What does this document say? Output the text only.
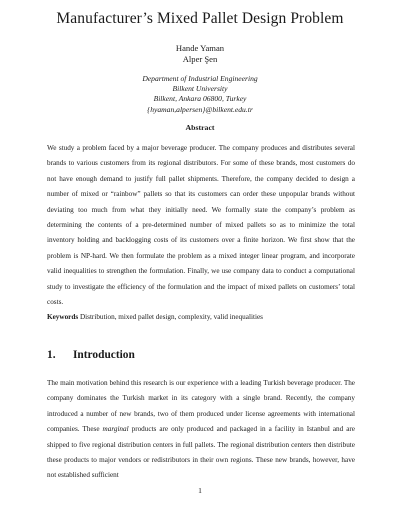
Manufacturer’s Mixed Pallet Design Problem
Hande Yaman
Alper Şen
Department of Industrial Engineering
Bilkent University
Bilkent, Ankara 06800, Turkey
{hyaman,alpersen}@bilkent.edu.tr
Abstract

We study a problem faced by a major beverage producer. The company produces and distributes several brands to various customers from its regional distributors. For some of these brands, most customers do not have enough demand to justify full pallet shipments. Therefore, the company decided to design a number of mixed or “rainbow” pallets so that its customers can order these unpopular brands without deviating too much from what they initially need. We formally state the company’s problem as determining the contents of a pre-determined number of mixed pallets so as to minimize the total inventory holding and backlogging costs of its customers over a finite horizon. We first show that the problem is NP-hard. We then formulate the problem as a mixed integer linear program, and incorporate valid inequalities to strengthen the formulation. Finally, we use company data to conduct a computational study to investigate the efficiency of the formulation and the impact of mixed pallets on customers’ total costs.

Keywords Distribution, mixed pallet design, complexity, valid inequalities
1. Introduction

The main motivation behind this research is our experience with a leading Turkish beverage producer. The company dominates the Turkish market in its category with a single brand. Recently, the company introduced a number of new brands, two of them produced under license agreements with international companies. These marginal products are only produced and packaged in a facility in Istanbul and are shipped to five regional distribution centers in full pallets. The regional distribution centers then distribute these products to major vendors or redistributors in their own regions. These new brands, however, have not established sufficient

1
